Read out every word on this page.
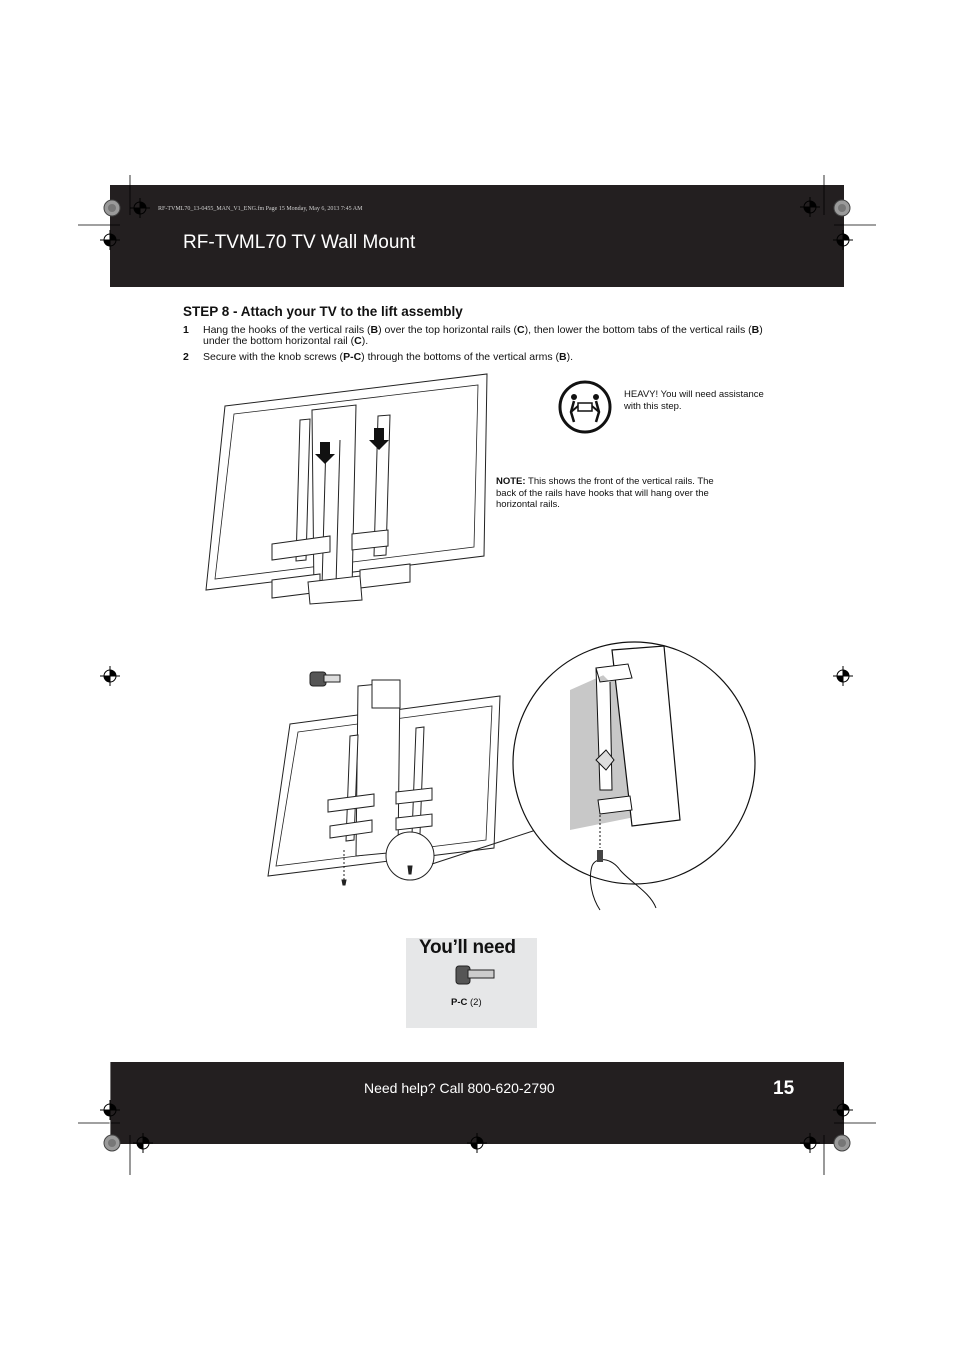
RF-TVML70_13-0455_MAN_V1_ENG.fm Page 15 Monday, May 6, 2013 7:45 AM
RF-TVML70 TV Wall Mount
STEP 8 - Attach your TV to the lift assembly
1 Hang the hooks of the vertical rails (B) over the top horizontal rails (C), then lower the bottom tabs of the vertical rails (B) under the bottom horizontal rail (C).
2 Secure with the knob screws (P-C) through the bottoms of the vertical arms (B).
HEAVY! You will need assistance with this step.
NOTE: This shows the front of the vertical rails. The back of the rails have hooks that will hang over the horizontal rails.
You’ll need
P-C (2)
Need help? Call 800-620-2790	15
